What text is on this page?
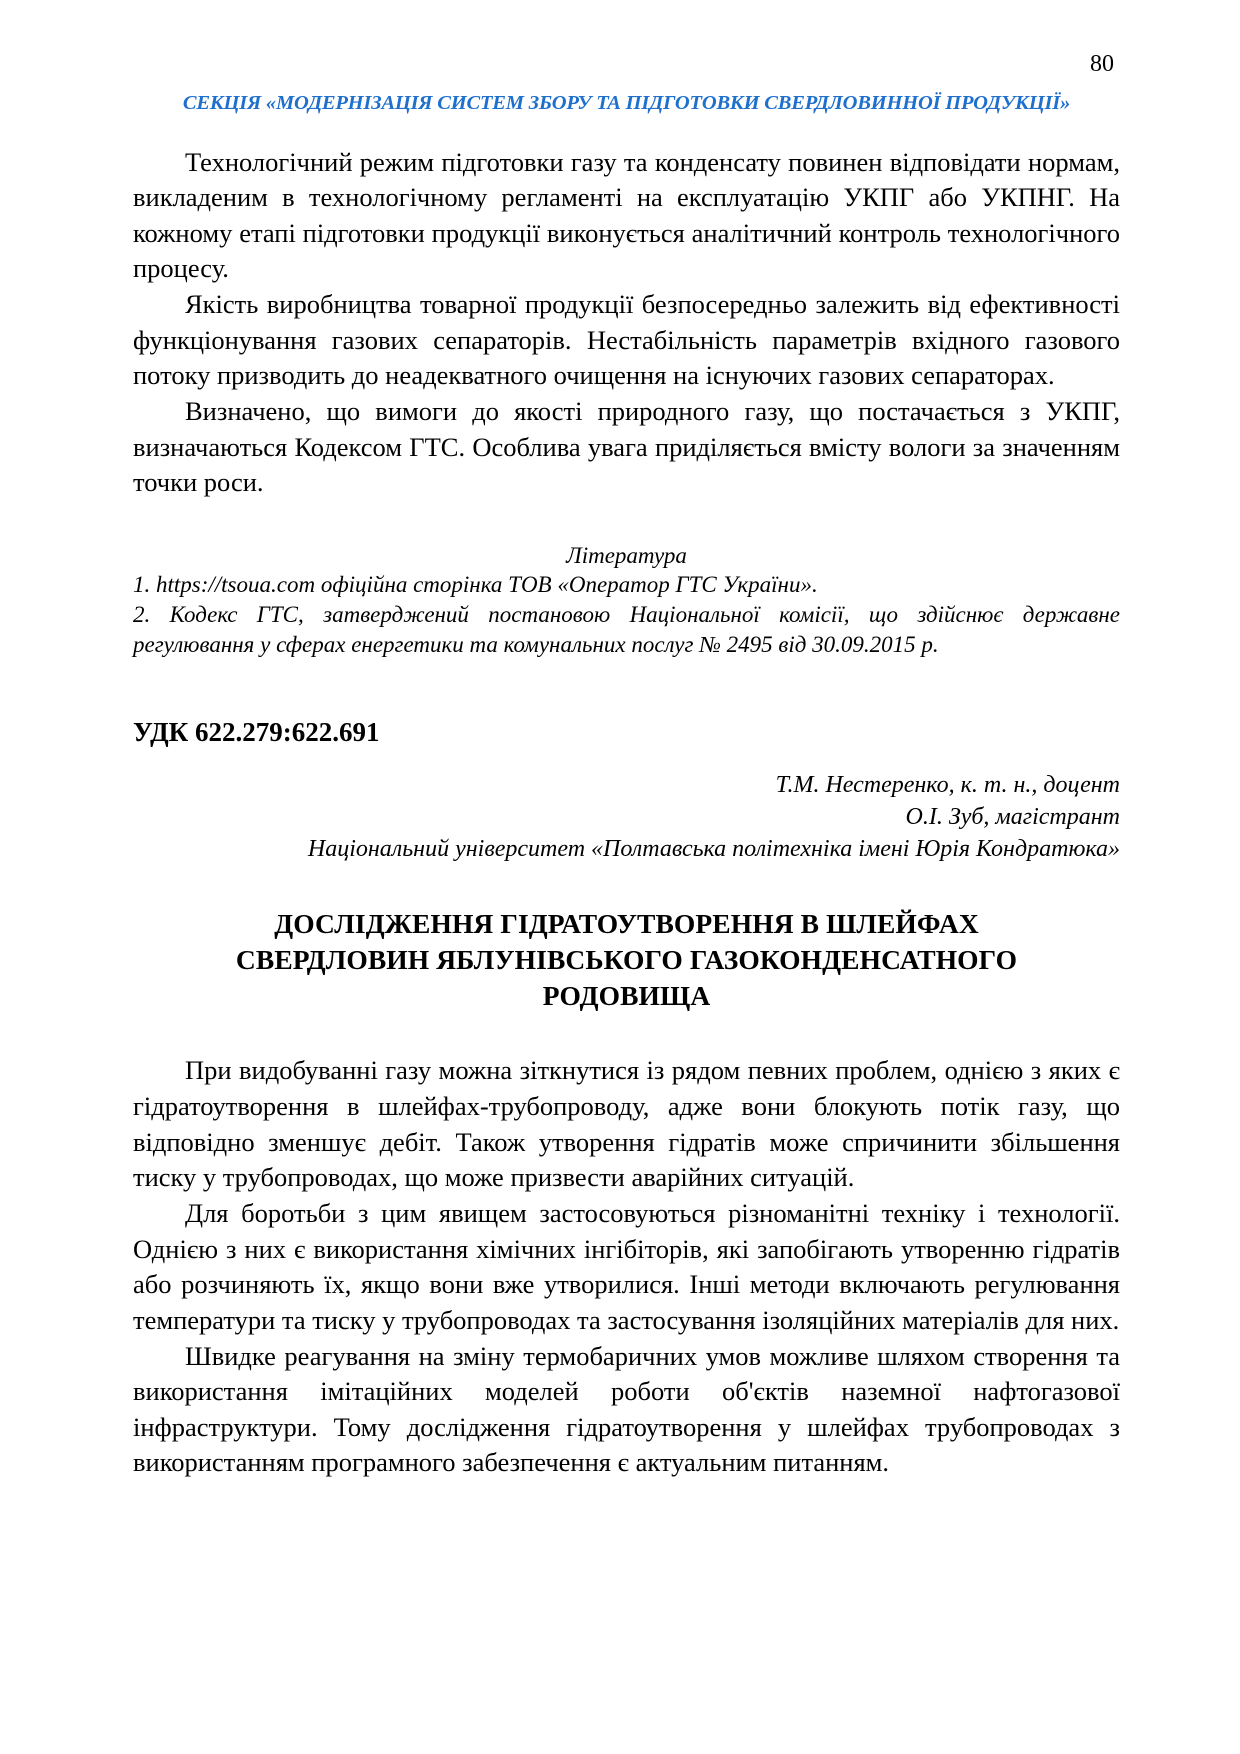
80
СЕКЦІЯ «МОДЕРНІЗАЦІЯ СИСТЕМ ЗБОРУ ТА ПІДГОТОВКИ СВЕРДЛОВИННОЇ ПРОДУКЦІЇ»

Технологічний режим підготовки газу та конденсату повинен відповідати нормам, викладеним в технологічному регламенті на експлуатацію УКПГ або УКПНГ. На кожному етапі підготовки продукції виконується аналітичний контроль технологічного процесу.

Якість виробництва товарної продукції безпосередньо залежить від ефективності функціонування газових сепараторів. Нестабільність параметрів вхідного газового потоку призводить до неадекватного очищення на існуючих газових сепараторах.

Визначено, що вимоги до якості природного газу, що постачається з УКПГ, визначаються Кодексом ГТС. Особлива увага приділяється вмісту вологи за значенням точки роси.

Література

1. https://tsoua.com офіційна сторінка ТОВ «Оператор ГТС України».

2. Кодекс ГТС, затверджений постановою Національної комісії, що здійснює державне регулювання у сферах енергетики та комунальних послуг № 2495 від 30.09.2015 р.

УДК 622.279:622.691

Т.М. Нестеренко, к. т. н., доцент

О.І. Зуб, магістрант

Національний університет «Полтавська політехніка імені Юрія Кондратюка»

ДОСЛІДЖЕННЯ ГІДРАТОУТВОРЕННЯ В ШЛЕЙФАХ
СВЕРДЛОВИН ЯБЛУНІВСЬКОГО ГАЗОКОНДЕНСАТНОГО
РОДОВИЩА

При видобуванні газу можна зіткнутися із рядом певних проблем, однією з яких є гідратоутворення в шлейфах-трубопроводу, адже вони блокують потік газу, що відповідно зменшує дебіт. Також утворення гідратів може спричинити збільшення тиску у трубопроводах, що може призвести аварійних ситуацій.

Для боротьби з цим явищем застосовуються різноманітні техніку і технології. Однією з них є використання хімічних інгібіторів, які запобігають утворенню гідратів або розчиняють їх, якщо вони вже утворилися. Інші методи включають регулювання температури та тиску у трубопроводах та застосування ізоляційних матеріалів для них.

Швидке реагування на зміну термобаричних умов можливе шляхом створення та використання імітаційних моделей роботи об'єктів наземної нафтогазової інфраструктури. Тому дослідження гідратоутворення у шлейфах трубопроводах з використанням програмного забезпечення є актуальним питанням.
